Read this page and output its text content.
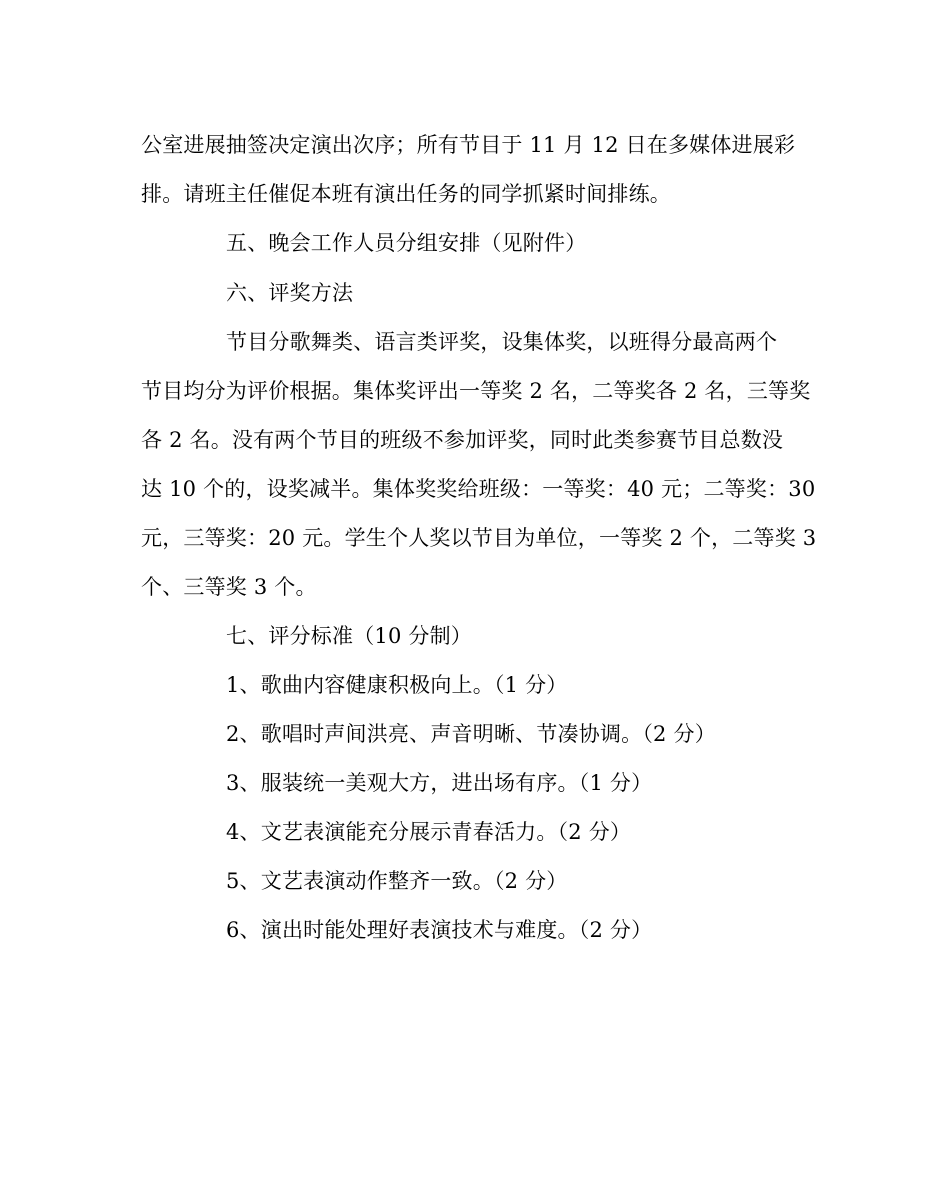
公室进展抽签决定演出次序；所有节目于 11 月 12 日在多媒体进展彩
排。请班主任催促本班有演出任务的同学抓紧时间排练。
五、晚会工作人员分组安排（见附件）
六、评奖方法
节目分歌舞类、语言类评奖，设集体奖，以班得分最高两个
节目均分为评价根据。集体奖评出一等奖 2 名，二等奖各 2 名，三等奖
各 2 名。没有两个节目的班级不参加评奖，同时此类参赛节目总数没
达 10 个的，设奖减半。集体奖奖给班级：一等奖：40 元；二等奖：30
元，三等奖：20 元。学生个人奖以节目为单位，一等奖 2 个，二等奖 3
个、三等奖 3 个。
七、评分标准（10 分制）
1、歌曲内容健康积极向上。（1 分）
2、歌唱时声间洪亮、声音明晰、节凑协调。（2 分）
3、服装统一美观大方，进出场有序。（1 分）
4、文艺表演能充分展示青春活力。（2 分）
5、文艺表演动作整齐一致。（2 分）
6、演出时能处理好表演技术与难度。（2 分）
